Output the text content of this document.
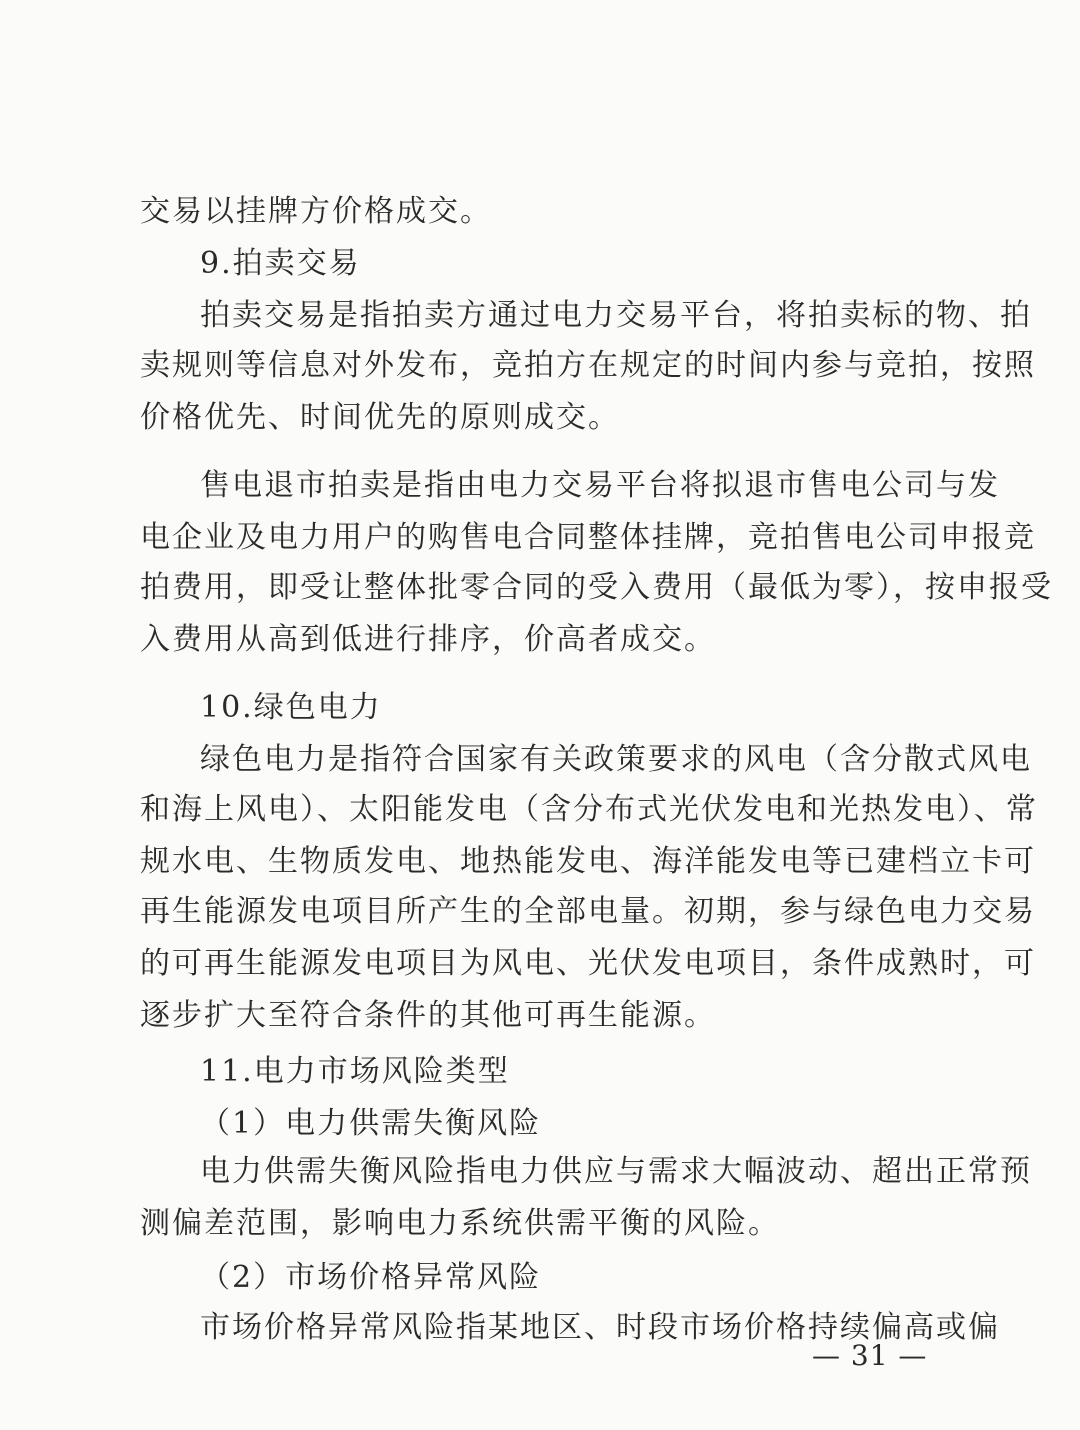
交易以挂牌方价格成交。
9.拍卖交易
拍卖交易是指拍卖方通过电力交易平台，将拍卖标的物、拍
卖规则等信息对外发布，竞拍方在规定的时间内参与竞拍，按照
价格优先、时间优先的原则成交。
售电退市拍卖是指由电力交易平台将拟退市售电公司与发
电企业及电力用户的购售电合同整体挂牌，竞拍售电公司申报竞
拍费用，即受让整体批零合同的受入费用（最低为零），按申报受
入费用从高到低进行排序，价高者成交。
10.绿色电力
绿色电力是指符合国家有关政策要求的风电（含分散式风电
和海上风电）、太阳能发电（含分布式光伏发电和光热发电）、常
规水电、生物质发电、地热能发电、海洋能发电等已建档立卡可
再生能源发电项目所产生的全部电量。初期，参与绿色电力交易
的可再生能源发电项目为风电、光伏发电项目，条件成熟时，可
逐步扩大至符合条件的其他可再生能源。
11.电力市场风险类型
（1）电力供需失衡风险
电力供需失衡风险指电力供应与需求大幅波动、超出正常预
测偏差范围，影响电力系统供需平衡的风险。
（2）市场价格异常风险
市场价格异常风险指某地区、时段市场价格持续偏高或偏
— 31 —
